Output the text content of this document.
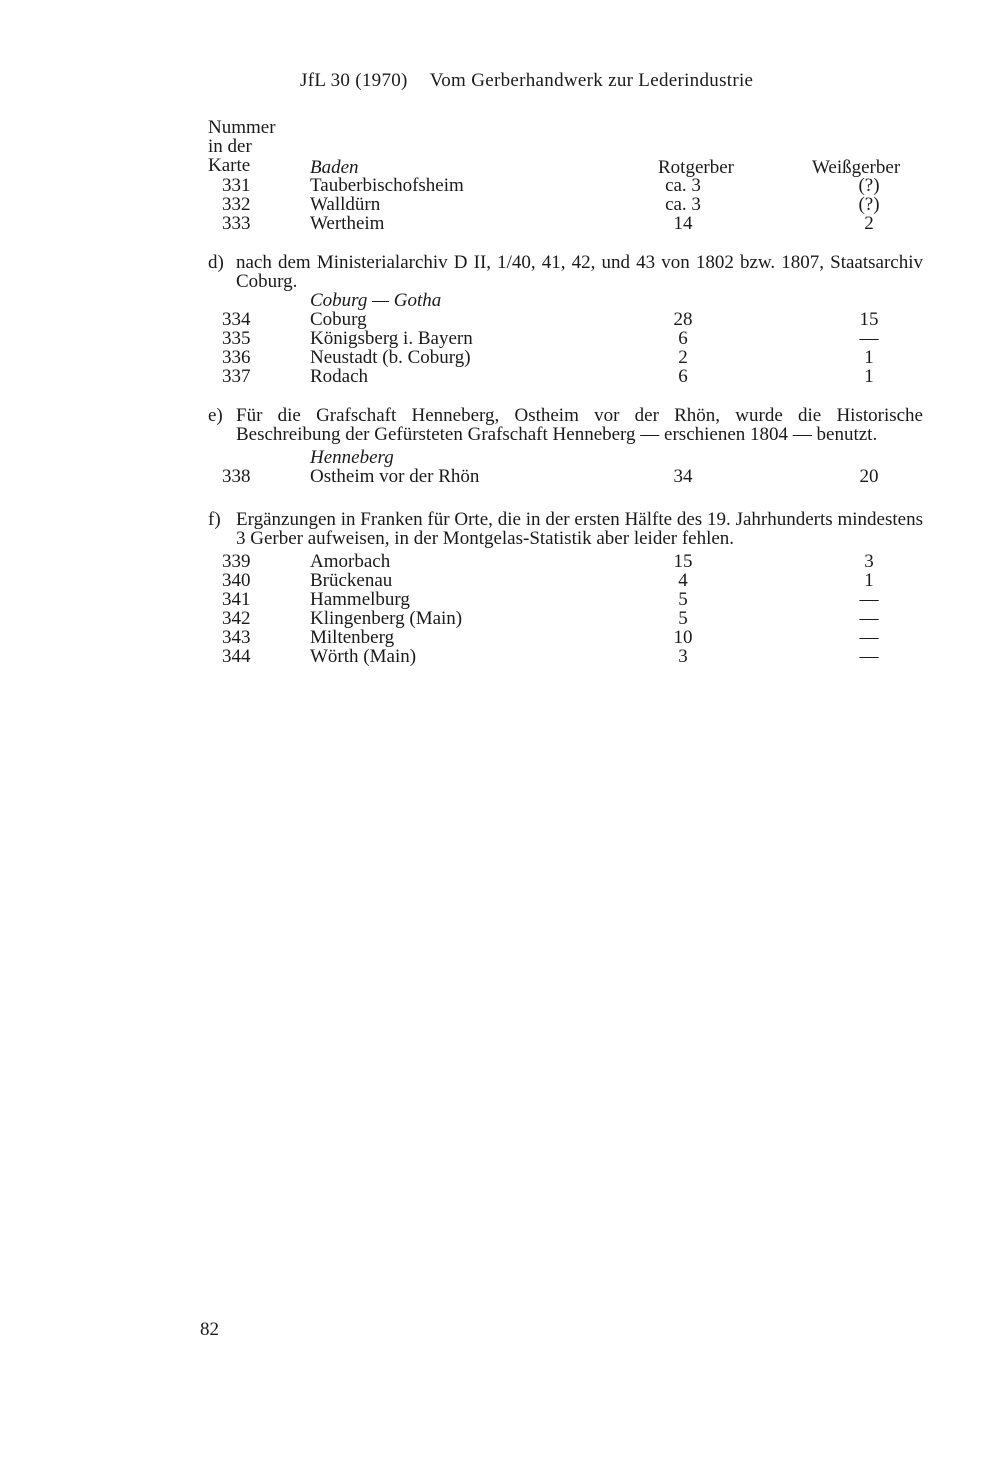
JfL 30 (1970) Vom Gerberhandwerk zur Lederindustrie
Nummer
in der
Karte	Baden	Rotgerber	Weißgerber
331	Tauberbischofsheim	ca. 3	(?)
332	Walldürn	ca. 3	(?)
333	Wertheim	14	2

d) nach dem Ministerialarchiv D II, 1/40, 41, 42, und 43 von 1802 bzw. 1807, Staatsarchiv Coburg.

Coburg — Gotha
334	Coburg	28	15
335	Königsberg i. Bayern	6	—
336	Neustadt (b. Coburg)	2	1
337	Rodach	6	1

e) Für die Grafschaft Henneberg, Ostheim vor der Rhön, wurde die Historische Beschreibung der Gefürsteten Grafschaft Henneberg — erschienen 1804 — benutzt.

Henneberg
338	Ostheim vor der Rhön	34	20

f) Ergänzungen in Franken für Orte, die in der ersten Hälfte des 19. Jahrhunderts mindestens 3 Gerber aufweisen, in der Montgelas-Statistik aber leider fehlen.

339	Amorbach	15	3
340	Brückenau	4	1
341	Hammelburg	5	—
342	Klingenberg (Main)	5	—
343	Miltenberg	10	—
344	Wörth (Main)	3	—
82
